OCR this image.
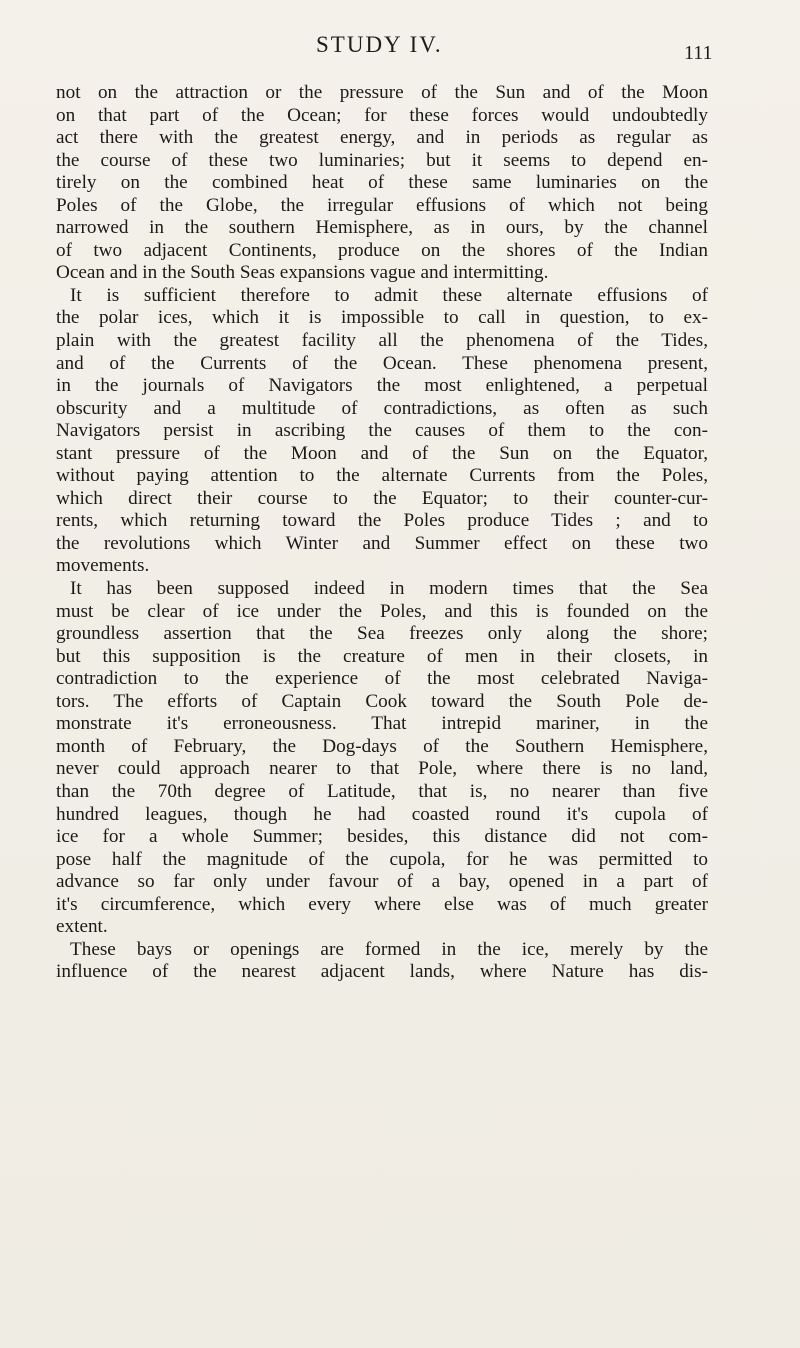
STUDY IV.	111
not on the attraction or the pressure of the Sun and of the Moon
on that part of the Ocean; for these forces would undoubtedly
act there with the greatest energy, and in periods as regular as
the course of these two luminaries; but it seems to depend en-
tirely on the combined heat of these same luminaries on the
Poles of the Globe, the irregular effusions of which not being
narrowed in the southern Hemisphere, as in ours, by the channel
of two adjacent Continents, produce on the shores of the Indian
Ocean and in the South Seas expansions vague and intermitting.
It is sufficient therefore to admit these alternate effusions of
the polar ices, which it is impossible to call in question, to ex-
plain with the greatest facility all the phenomena of the Tides,
and of the Currents of the Ocean. These phenomena present,
in the journals of Navigators the most enlightened, a perpetual
obscurity and a multitude of contradictions, as often as such
Navigators persist in ascribing the causes of them to the con-
stant pressure of the Moon and of the Sun on the Equator,
without paying attention to the alternate Currents from the Poles,
which direct their course to the Equator; to their counter-cur-
rents, which returning toward the Poles produce Tides ; and to
the revolutions which Winter and Summer effect on these two
movements.
It has been supposed indeed in modern times that the Sea
must be clear of ice under the Poles, and this is founded on the
groundless assertion that the Sea freezes only along the shore;
but this supposition is the creature of men in their closets, in
contradiction to the experience of the most celebrated Naviga-
tors. The efforts of Captain Cook toward the South Pole de-
monstrate it's erroneousness. That intrepid mariner, in the
month of February, the Dog-days of the Southern Hemisphere,
never could approach nearer to that Pole, where there is no land,
than the 70th degree of Latitude, that is, no nearer than five
hundred leagues, though he had coasted round it's cupola of
ice for a whole Summer; besides, this distance did not com-
pose half the magnitude of the cupola, for he was permitted to
advance so far only under favour of a bay, opened in a part of
it's circumference, which every where else was of much greater
extent.
These bays or openings are formed in the ice, merely by the
influence of the nearest adjacent lands, where Nature has dis-
